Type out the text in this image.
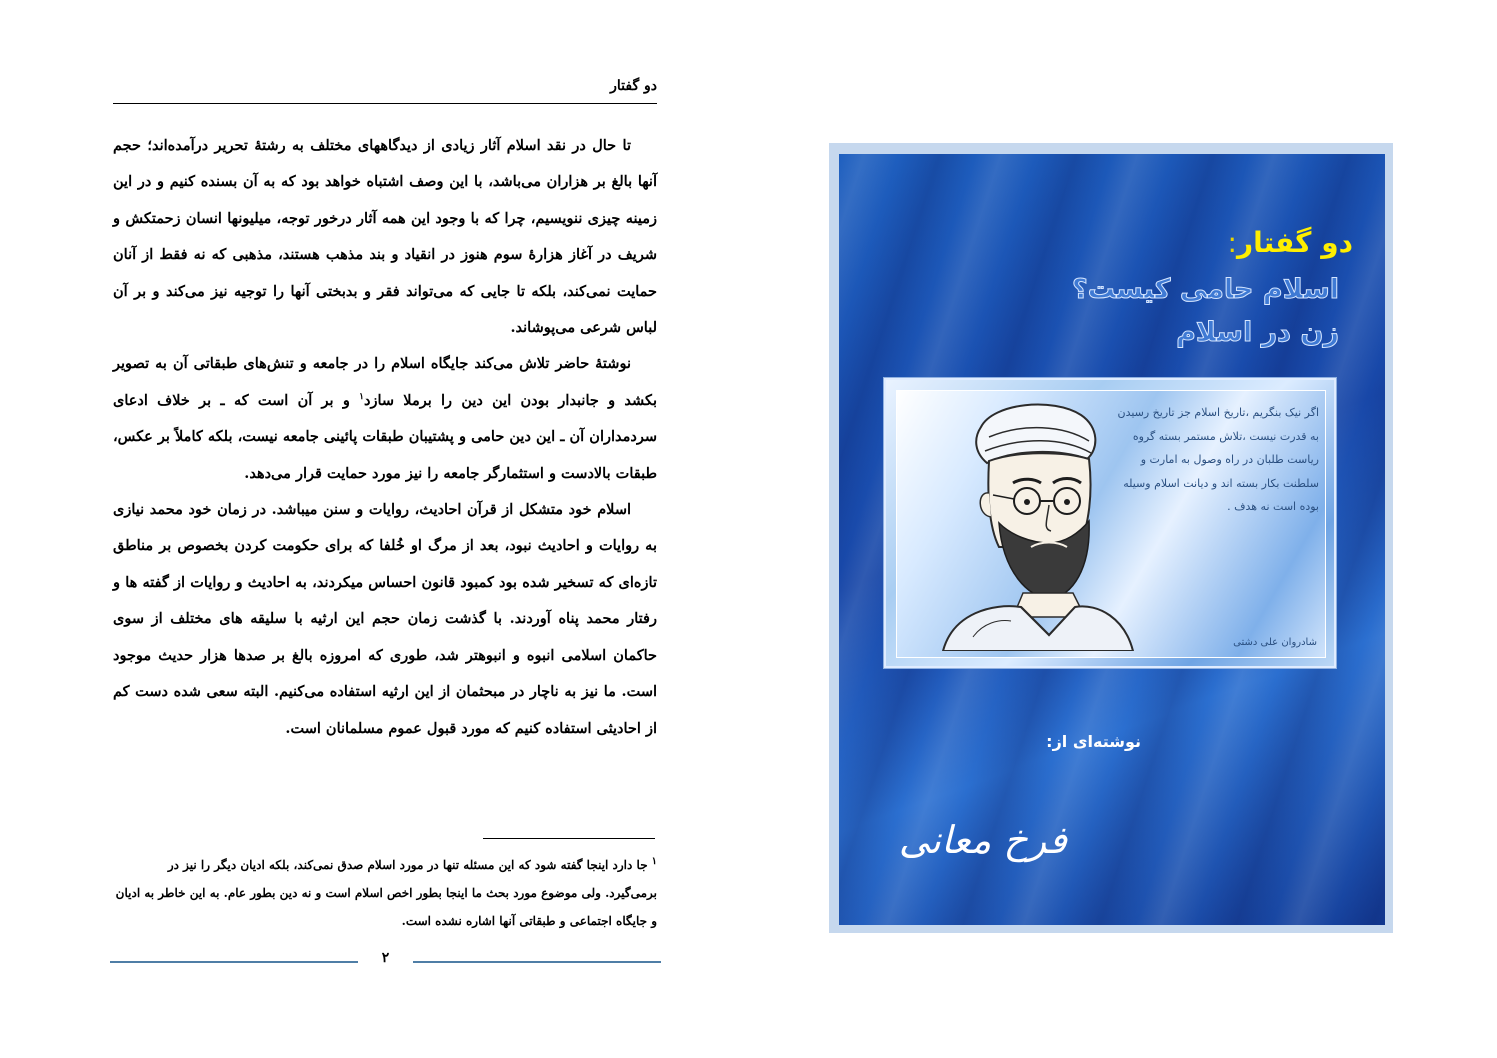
دو گفتار

تا حال در نقد اسلام آثار زیادی از دیدگاههای مختلف به رشتهٔ تحریر درآمده‌اند؛ حجم آنها بالغ بر هزاران می‌باشد، با این وصف اشتباه خواهد بود که به آن بسنده کنیم و در این زمینه چیزی ننویسیم، چرا که با وجود این همه آثار درخور توجه، میلیونها انسان زحمتکش و شریف در آغاز هزارهٔ سوم هنوز در انقیاد و بند مذهب هستند، مذهبی که نه فقط از آنان حمایت نمی‌کند، بلکه تا جایی که می‌تواند فقر و بدبختی آنها را توجیه نیز می‌کند و بر آن لباس شرعی می‌پوشاند.

نوشتهٔ حاضر تلاش می‌کند جایگاه اسلام را در جامعه و تنش‌های طبقاتی آن به تصویر بکشد و جانبدار بودن این دین را برملا سازد$^۱$ و بر آن است که ـ بر خلاف ادعای سردمداران آن ـ این دین حامی و پشتیبان طبقات پائینی جامعه نیست، بلکه کاملاً بر عکس، طبقات بالادست و استثمارگر جامعه را نیز مورد حمایت قرار می‌دهد.

اسلام خود متشکل از قرآن احادیث، روایات و سنن میباشد. در زمان خود محمد نیازی به روایات و احادیث نبود، بعد از مرگ او خُلفا که برای حکومت کردن بخصوص بر مناطق تازه‌ای که تسخیر شده بود کمبود قانون احساس میکردند، به احادیث و روایات از گفته ها و رفتار محمد پناه آوردند. با گذشت زمان حجم این ارثیه با سلیقه های مختلف از سوی حاکمان اسلامی انبوه و انبوهتر شد، طوری که امروزه بالغ بر صدها هزار حدیث موجود است. ما نیز به ناچار در مبحثمان از این ارثیه استفاده می‌کنیم. البته سعی شده دست کم از احادیثی استفاده کنیم که مورد قبول عموم مسلمانان است.

$^۱$جا دارد اینجا گفته شود که این مسئله تنها در مورد اسلام صدق نمی‌کند، بلکه ادیان دیگر را نیز در برمی‌گیرد. ولی موضوع مورد بحث ما اینجا بطور اخص اسلام است و نه دین بطور عام. به این خاطر به ادیان و جایگاه اجتماعی و طبقاتی آنها اشاره نشده است.
۲
دو گفتار:
اسلام حامی کیست؟
زن در اسلام
اگر نیک بنگریم ،تاریخ اسلام جز تاریخ رسیدن به قدرت نیست ،تلاش مستمر بسته گروه ریاست طلبان در راه وصول به امارت و سلطنت بکار بسته اند و دیانت اسلام وسیله بوده است نه هدف .
شادروان علی دشتی
نوشته‌ای از:
فرخ معانی
